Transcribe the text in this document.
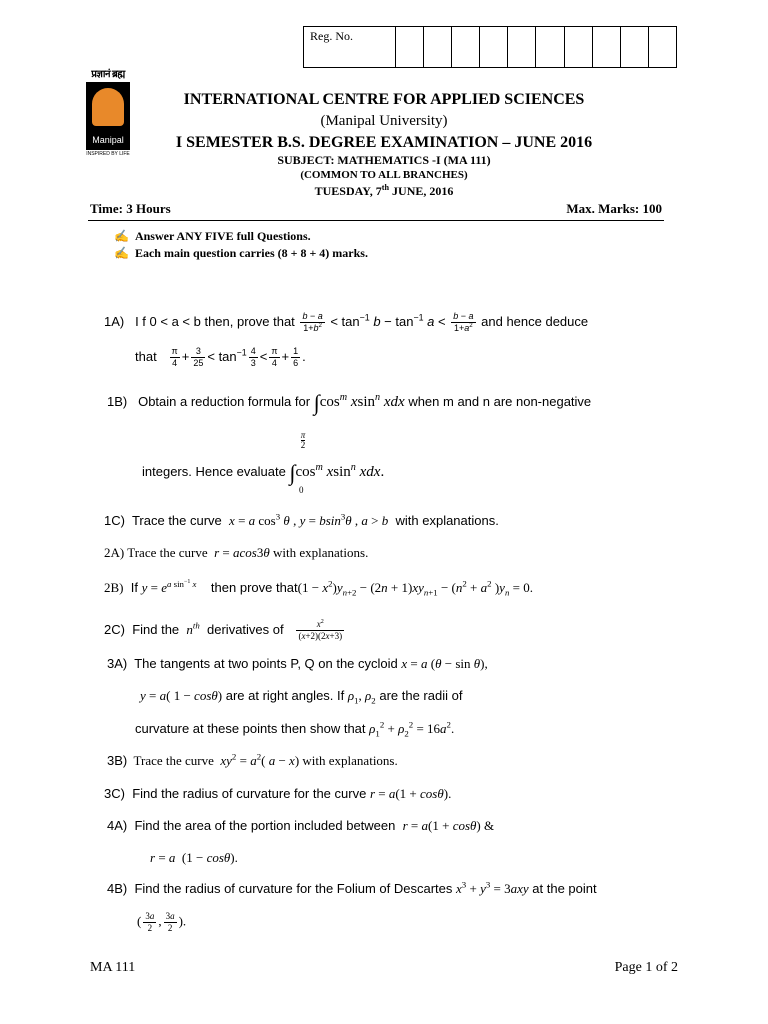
Reg. No.
प्रज्ञानं ब्रह्म
Manipal
INSPIRED BY LIFE
INTERNATIONAL CENTRE FOR APPLIED SCIENCES
(Manipal University)
I SEMESTER B.S. DEGREE EXAMINATION – JUNE 2016
SUBJECT: MATHEMATICS -I (MA 111)
(COMMON TO ALL BRANCHES)
TUESDAY, 7th JUNE, 2016
Time: 3 Hours	Max. Marks: 100
✍ Answer ANY FIVE full Questions.
✍ Each main question carries (8 + 8 + 4) marks.
1A) I f 0 < a < b then, prove that $\frac{b - a}{1+b^2} < \tan^{-1} b - \tan^{-1} a < \frac{b - a}{1+a^2}$ and hence deduce
that $\frac{\pi}{4} + \frac{3}{25} < \tan^{-1} \frac{4}{3} < \frac{\pi}{4} + \frac{1}{6}$ .
1B) Obtain a reduction formula for $\int\cos^m$ xsin$^n$ xdx when m and n are non-negative
π
2
integers. Hence evaluate $\int\cos^m$ xsin$^n$ xdx.
0
1C) Trace the curve x = a $\cos^3 \theta$ , y = bsin$^3$θ , a > b with explanations.
2A) Trace the curve r = acos3θ with explanations.
2B) If $y = e^{a sin^{-1} x}$ then prove that(1 − $x^2)y_{n+2} - (2n + 1)xy_{n+1} - (n^2 + a^2$ )$y_n = 0$.
2C) Find the $n^{th}$ derivatives of $\frac{x^2}{(x+2)(2x+3)}$
3A) The tangents at two points P, Q on the cycloid x = a (θ − sin θ),
y = a( 1 − cosθ) are at right angles. If $\rho_1$, $\rho_2$ are the radii of
curvature at these points then show that $\rho_1^2 + \rho_2^2 = 16a^2$.
3B) Trace the curve $xy^2 = a^2$( a − x) with explanations.
3C) Find the radius of curvature for the curve r = a(1 + cosθ).
4A) Find the area of the portion included between r = a(1 + cosθ) &
r = a  (1 − cosθ).
4B) Find the radius of curvature for the Folium of Descartes $x^3 + y^3 = 3axy$ at the point
( $\frac{3a}{2}$ , $\frac{3a}{2}$ ).
MA 111	Page 1 of 2
